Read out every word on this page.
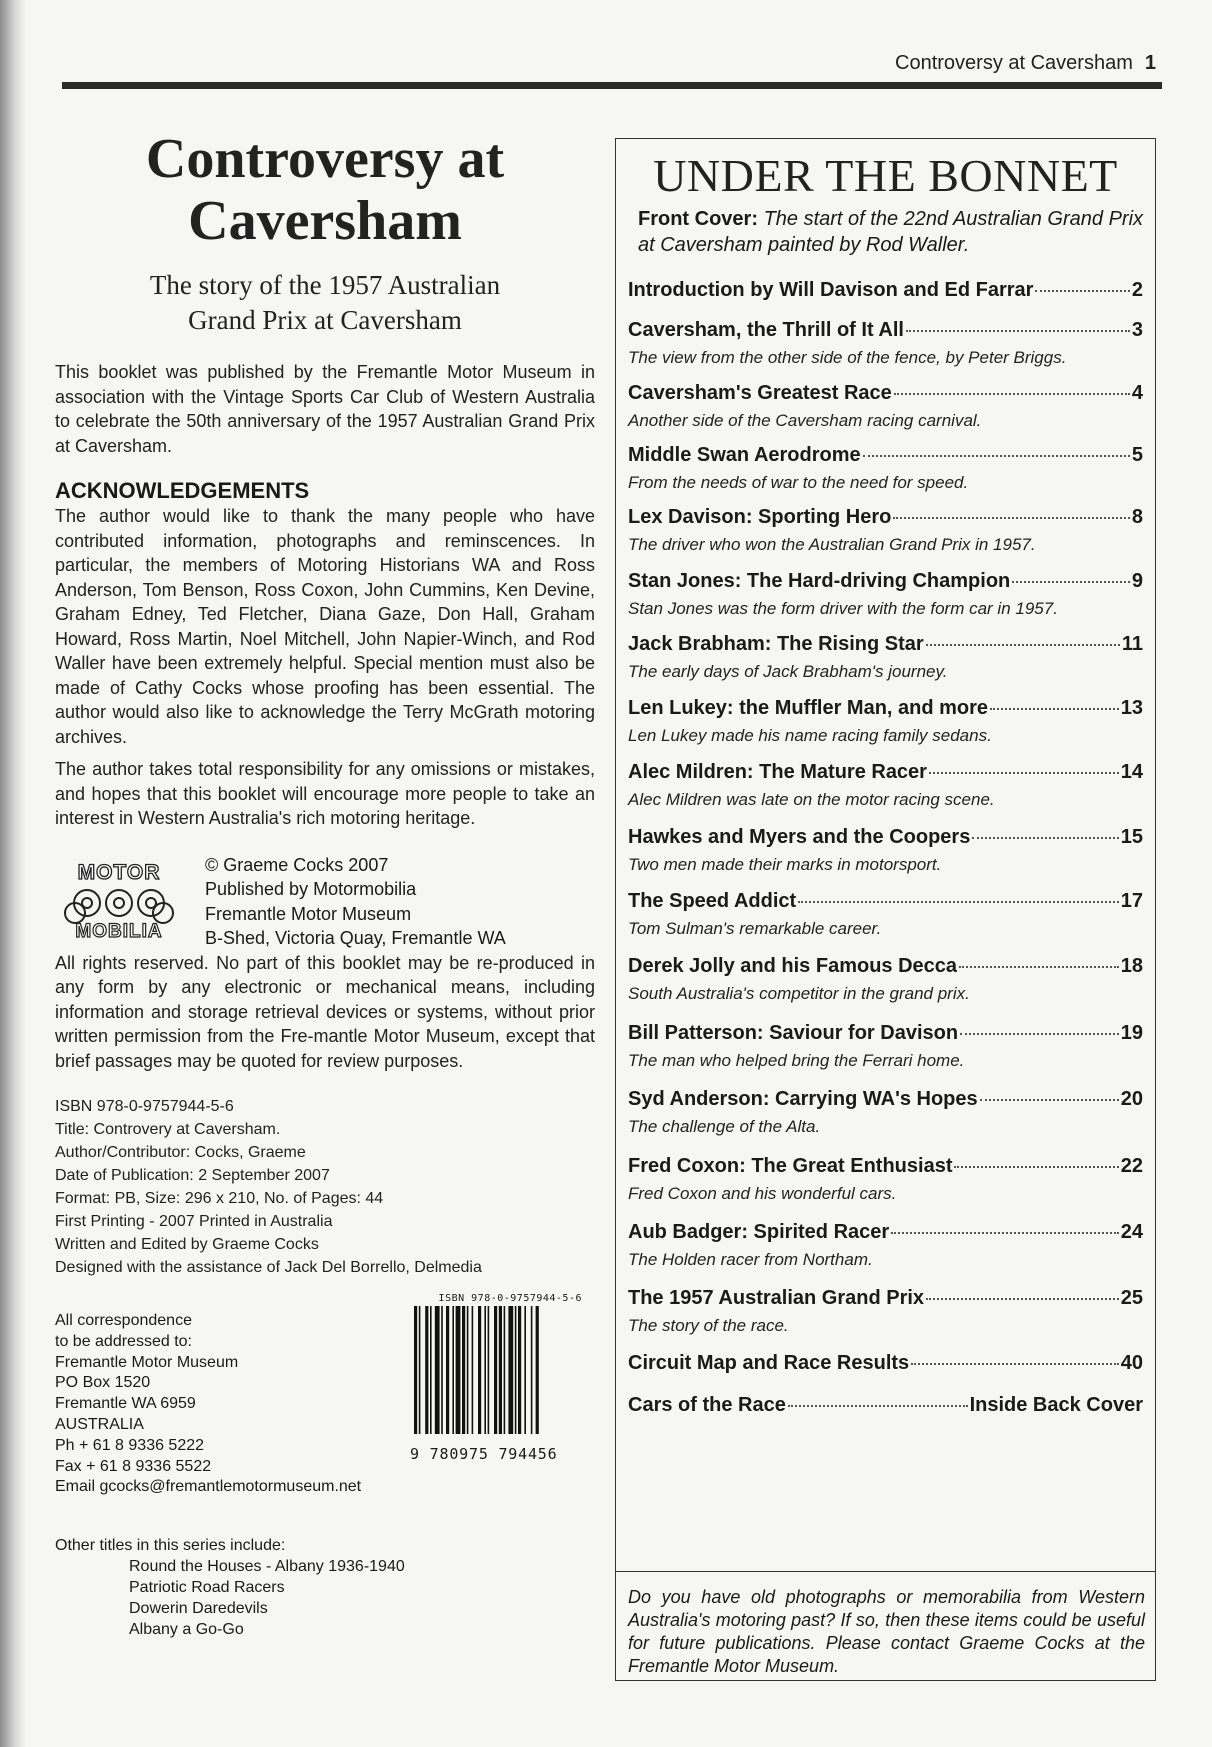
Controversy at Caversham 1
Controversy at
Caversham
The story of the 1957 Australian
Grand Prix at Caversham

This booklet was published by the Fremantle Motor Museum in association with the Vintage Sports Car Club of Western Australia to celebrate the 50th anniversary of the 1957 Australian Grand Prix at Caversham.

ACKNOWLEDGEMENTS

The author would like to thank the many people who have contributed information, photographs and reminscences. In particular, the members of Motoring Historians WA and Ross Anderson, Tom Benson, Ross Coxon, John Cummins, Ken Devine, Graham Edney, Ted Fletcher, Diana Gaze, Don Hall, Graham Howard, Ross Martin, Noel Mitchell, John Napier-Winch, and Rod Waller have been extremely helpful. Special mention must also be made of Cathy Cocks whose proofing has been essential. The author would also like to acknowledge the Terry McGrath motoring archives.

The author takes total responsibility for any omissions or mistakes, and hopes that this booklet will encourage more people to take an interest in Western Australia's rich motoring heritage.

MOTOR
MOBILIA
© Graeme Cocks 2007
Published by Motormobilia
Fremantle Motor Museum
B-Shed, Victoria Quay, Fremantle WA

All rights reserved. No part of this booklet may be re-produced in any form by any electronic or mechanical means, including information and storage retrieval devices or systems, without prior written permission from the Fre-mantle Motor Museum, except that brief passages may be quoted for review purposes.

ISBN 978-0-9757944-5-6
Title: Controvery at Caversham.
Author/Contributor: Cocks, Graeme
Date of Publication: 2 September 2007
Format: PB, Size: 296 x 210, No. of Pages: 44
First Printing - 2007 Printed in Australia
Written and Edited by Graeme Cocks
Designed with the assistance of Jack Del Borrello, Delmedia
All correspondence
to be addressed to:
Fremantle Motor Museum
PO Box 1520
Fremantle WA 6959
AUSTRALIA
Ph + 61 8 9336 5222
Fax + 61 8 9336 5522
Email gcocks@fremantlemotormuseum.net
ISBN 978-0-9757944-5-6
9 780975 794456
Other titles in this series include:
Round the Houses - Albany 1936-1940
Patriotic Road Racers
Dowerin Daredevils
Albany a Go-Go
UNDER THE BONNET
Front Cover: The start of the 22nd Australian Grand Prix at Caversham painted by Rod Waller.
Introduction by Will Davison and Ed Farrar	2
Caversham, the Thrill of It All	3
The view from the other side of the fence, by Peter Briggs.
Caversham's Greatest Race	4
Another side of the Caversham racing carnival.
Middle Swan Aerodrome	5
From the needs of war to the need for speed.
Lex Davison: Sporting Hero	8
The driver who won the Australian Grand Prix in 1957.
Stan Jones: The Hard-driving Champion	9
Stan Jones was the form driver with the form car in 1957.
Jack Brabham: The Rising Star	11
The early days of Jack Brabham's journey.
Len Lukey: the Muffler Man, and more	13
Len Lukey made his name racing family sedans.
Alec Mildren: The Mature Racer	14
Alec Mildren was late on the motor racing scene.
Hawkes and Myers and the Coopers	15
Two men made their marks in motorsport.
The Speed Addict	17
Tom Sulman's remarkable career.
Derek Jolly and his Famous Decca	18
South Australia's competitor in the grand prix.
Bill Patterson: Saviour for Davison	19
The man who helped bring the Ferrari home.
Syd Anderson: Carrying WA's Hopes	20
The challenge of the Alta.
Fred Coxon: The Great Enthusiast	22
Fred Coxon and his wonderful cars.
Aub Badger: Spirited Racer	24
The Holden racer from Northam.
The 1957 Australian Grand Prix	25
The story of the race.
Circuit Map and Race Results	40
Cars of the Race	Inside Back Cover
Do you have old photographs or memorabilia from Western Australia's motoring past? If so, then these items could be useful for future publications. Please contact Graeme Cocks at the Fremantle Motor Museum.
